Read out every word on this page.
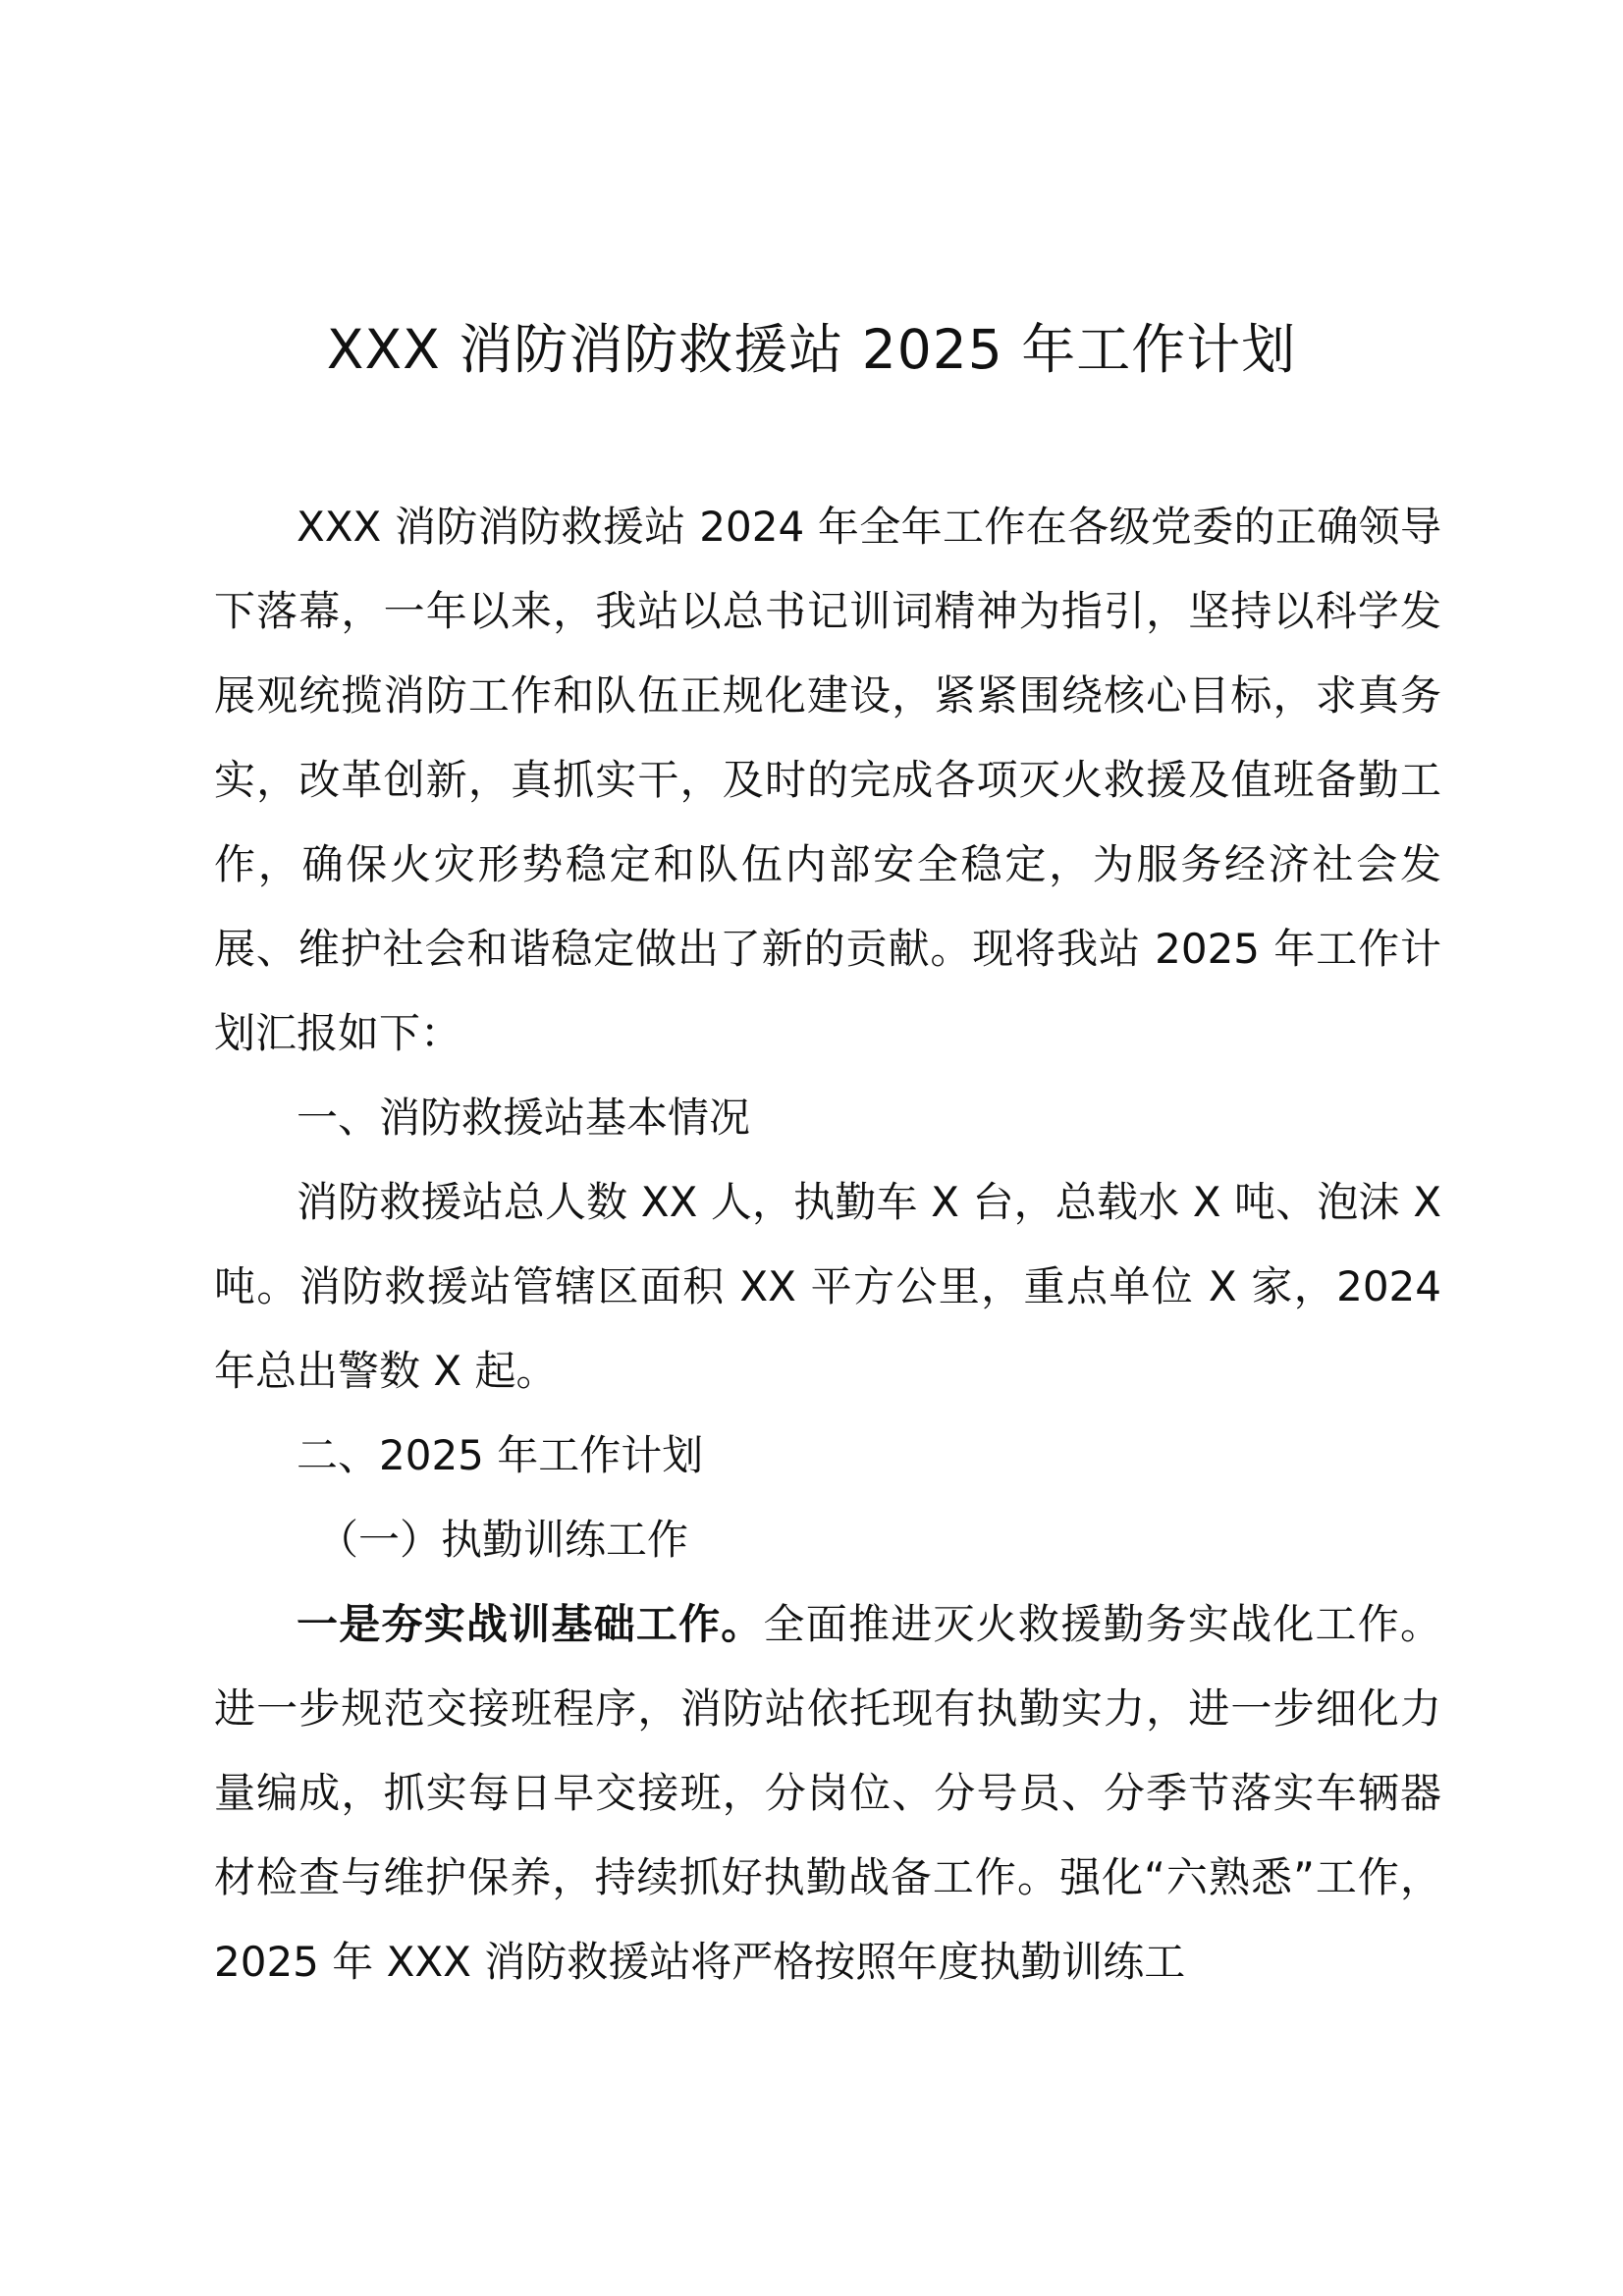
XXX 消防消防救援站 2025 年工作计划

XXX 消防消防救援站 2024 年全年工作在各级党委的正确领导下落幕，一年以来，我站以总书记训词精神为指引，坚持以科学发展观统揽消防工作和队伍正规化建设，紧紧围绕核心目标，求真务实，改革创新，真抓实干，及时的完成各项灭火救援及值班备勤工作，确保火灾形势稳定和队伍内部安全稳定，为服务经济社会发展、维护社会和谐稳定做出了新的贡献。现将我站 2025 年工作计划汇报如下：

一、消防救援站基本情况

消防救援站总人数 XX 人，执勤车 X 台，总载水 X 吨、泡沫 X 吨。消防救援站管辖区面积 XX 平方公里，重点单位 X 家，2024 年总出警数 X 起。

二、2025 年工作计划

（一）执勤训练工作

一是夯实战训基础工作。全面推进灭火救援勤务实战化工作。进一步规范交接班程序，消防站依托现有执勤实力，进一步细化力量编成，抓实每日早交接班，分岗位、分号员、分季节落实车辆器材检查与维护保养，持续抓好执勤战备工作。强化“六熟悉”工作，2025 年 XXX 消防救援站将严格按照年度执勤训练工
